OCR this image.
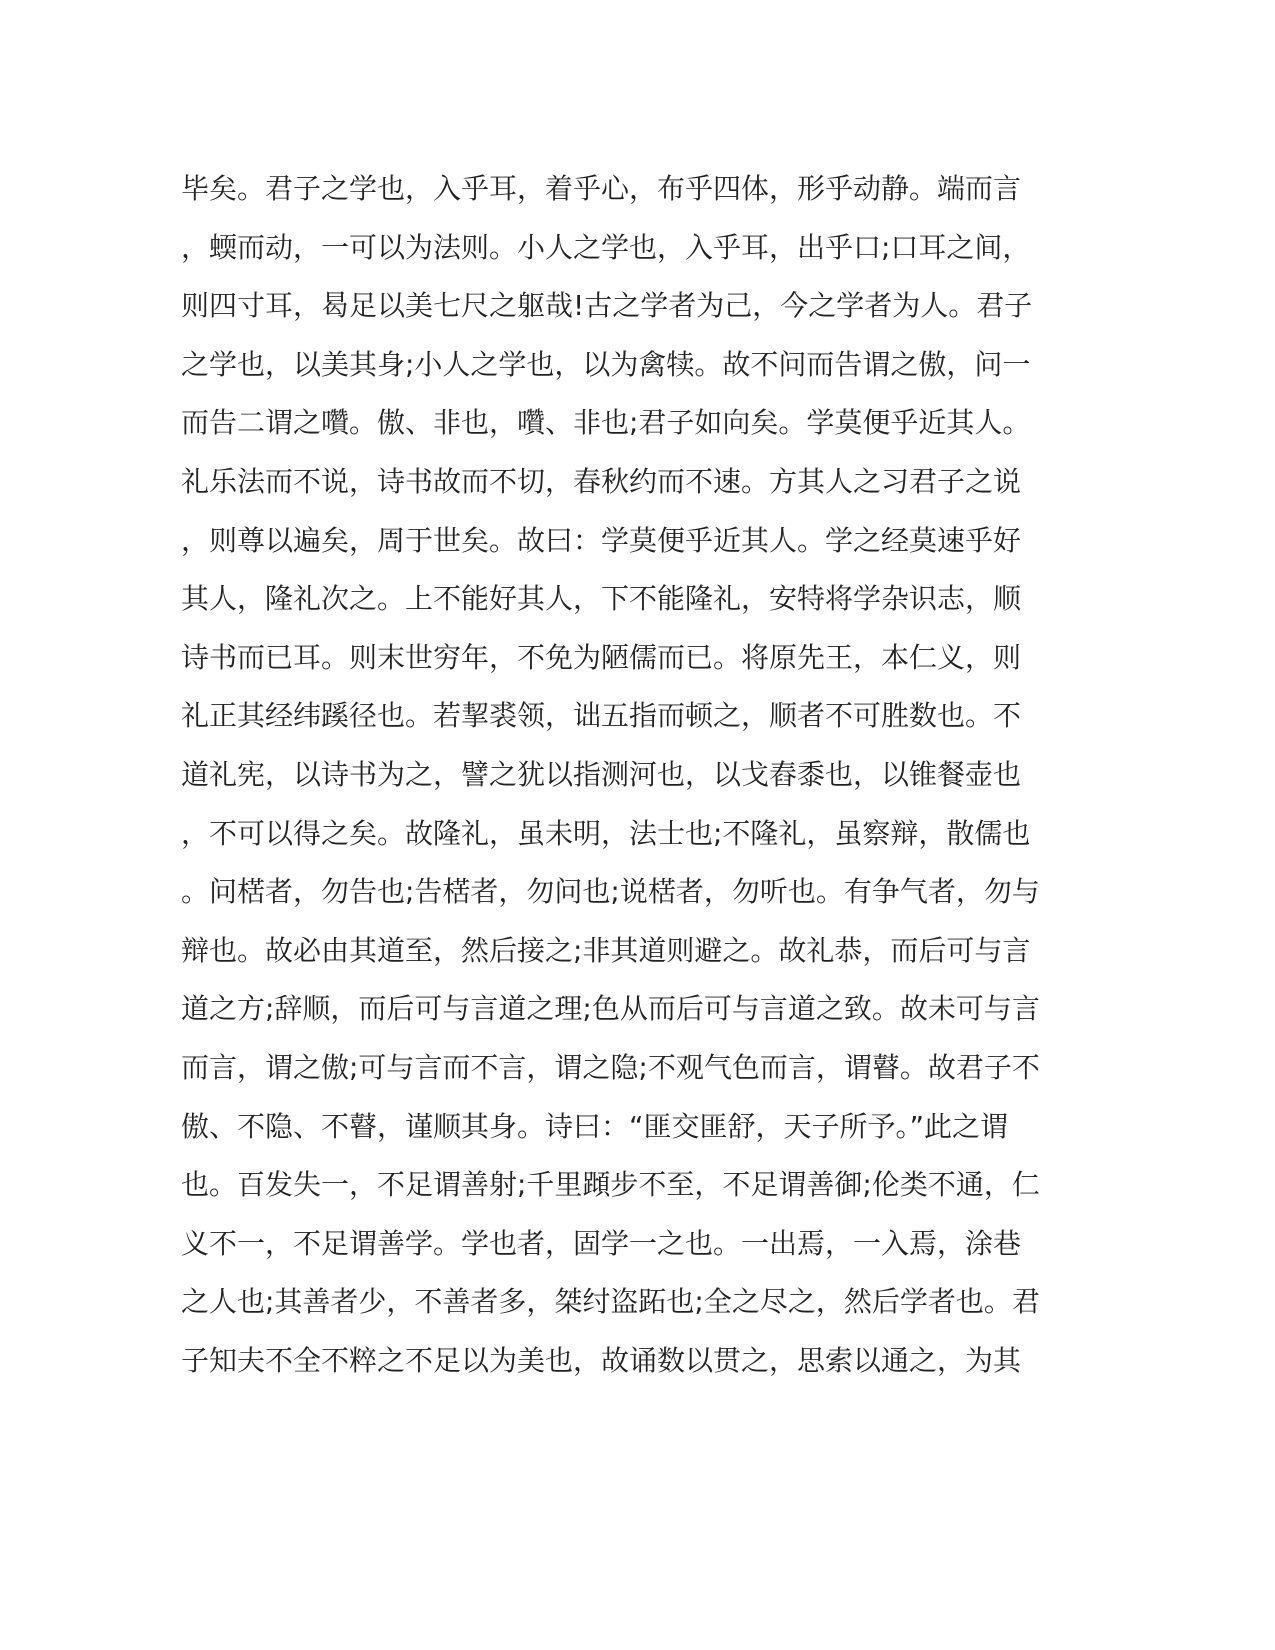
毕矣。君子之学也，入乎耳，着乎心，布乎四体，形乎动静。端而言
，蝡而动，一可以为法则。小人之学也，入乎耳，出乎口;口耳之间，
则四寸耳，曷足以美七尺之躯哉!古之学者为己，今之学者为人。君子
之学也，以美其身;小人之学也，以为禽犊。故不问而告谓之傲，问一
而告二谓之囋。傲、非也，囋、非也;君子如向矣。学莫便乎近其人。
礼乐法而不说，诗书故而不切，春秋约而不速。方其人之习君子之说
，则尊以遍矣，周于世矣。故曰：学莫便乎近其人。学之经莫速乎好
其人，隆礼次之。上不能好其人，下不能隆礼，安特将学杂识志，顺
诗书而已耳。则末世穷年，不免为陋儒而已。将原先王，本仁义，则
礼正其经纬蹊径也。若挈裘领，诎五指而顿之，顺者不可胜数也。不
道礼宪，以诗书为之，譬之犹以指测河也，以戈舂黍也，以锥餐壶也
，不可以得之矣。故隆礼，虽未明，法士也;不隆礼，虽察辩，散儒也
。问楛者，勿告也;告楛者，勿问也;说楛者，勿听也。有争气者，勿与
辩也。故必由其道至，然后接之;非其道则避之。故礼恭，而后可与言
道之方;辞顺，而后可与言道之理;色从而后可与言道之致。故未可与言
而言，谓之傲;可与言而不言，谓之隐;不观气色而言，谓瞽。故君子不
傲、不隐、不瞽，谨顺其身。诗曰：“匪交匪舒，天子所予。”此之谓
也。百发失一，不足谓善射;千里蹞步不至，不足谓善御;伦类不通，仁
义不一，不足谓善学。学也者，固学一之也。一出焉，一入焉，涂巷
之人也;其善者少，不善者多，桀纣盗跖也;全之尽之，然后学者也。君
子知夫不全不粹之不足以为美也，故诵数以贯之，思索以通之，为其
